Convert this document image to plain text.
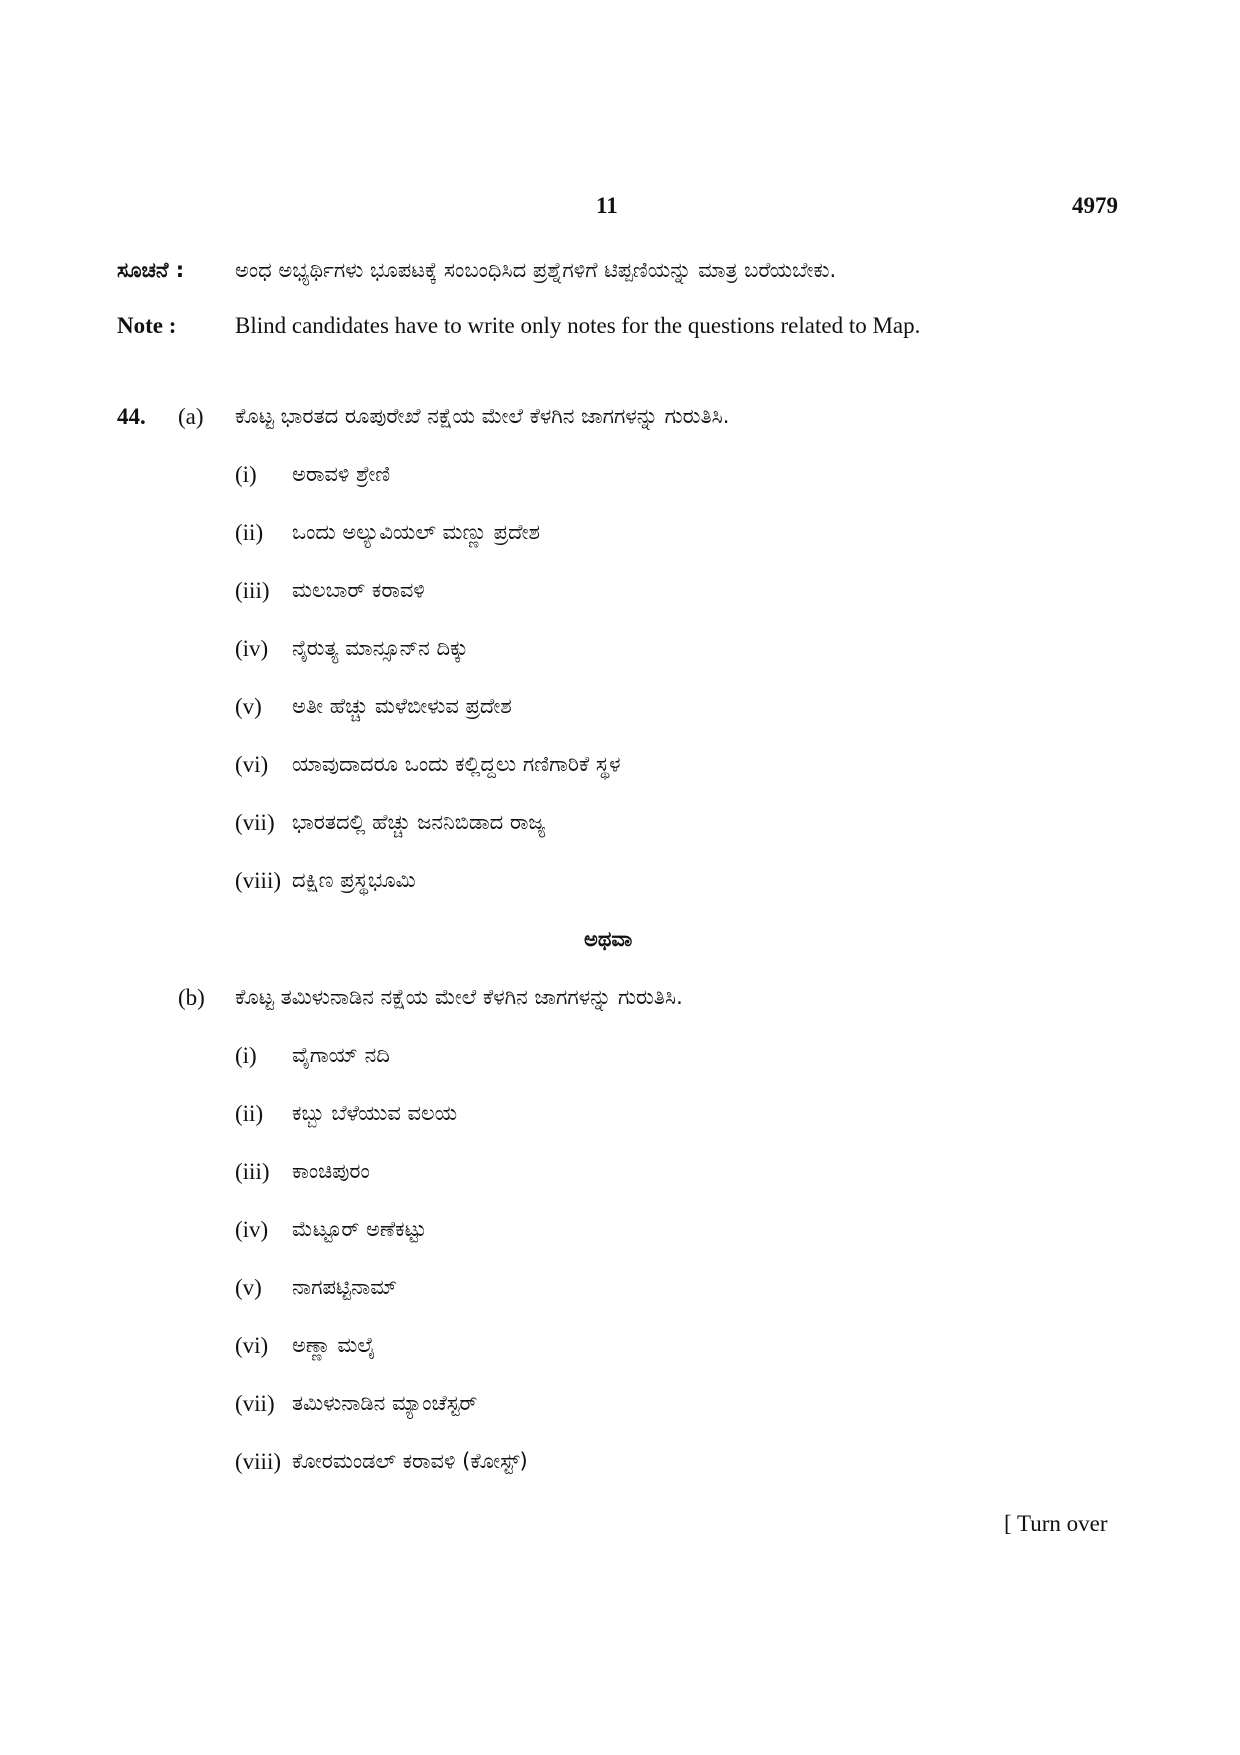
11	4979
ಸೂಚನೆ : ಅಂಧ ಅಭ್ಯರ್ಥಿಗಳು ಭೂಪಟಕ್ಕೆ ಸಂಬಂಧಿಸಿದ ಪ್ರಶ್ನೆಗಳಿಗೆ ಟಿಪ್ಪಣಿಯನ್ನು ಮಾತ್ರ ಬರೆಯಬೇಕು.
Note :	Blind candidates have to write only notes for the questions related to Map.
44. (a) ಕೊಟ್ಟ ಭಾರತದ ರೂಪುರೇಖೆ ನಕ್ಷೆಯ ಮೇಲೆ ಕೆಳಗಿನ ಜಾಗಗಳನ್ನು ಗುರುತಿಸಿ.
(i) ಅರಾವಳಿ ಶ್ರೇಣಿ
(ii) ಒಂದು ಅಲ್ಯುವಿಯಲ್ ಮಣ್ಣು ಪ್ರದೇಶ
(iii) ಮಲಬಾರ್ ಕರಾವಳಿ
(iv) ನೈರುತ್ಯ ಮಾನ್ಸೂನ್‌ನ ದಿಕ್ಕು
(v) ಅತೀ ಹೆಚ್ಚು ಮಳೆಬೀಳುವ ಪ್ರದೇಶ
(vi) ಯಾವುದಾದರೂ ಒಂದು ಕಲ್ಲಿದ್ದಲು ಗಣಿಗಾರಿಕೆ ಸ್ಥಳ
(vii) ಭಾರತದಲ್ಲಿ ಹೆಚ್ಚು ಜನನಿಬಿಡಾದ ರಾಜ್ಯ
(viii) ದಕ್ಷಿಣ ಪ್ರಸ್ಥಭೂಮಿ
ಅಥವಾ
(b) ಕೊಟ್ಟ ತಮಿಳುನಾಡಿನ ನಕ್ಷೆಯ ಮೇಲೆ ಕೆಳಗಿನ ಜಾಗಗಳನ್ನು ಗುರುತಿಸಿ.
(i) ವೈಗಾಯ್ ನದಿ
(ii) ಕಬ್ಬು ಬೆಳೆಯುವ ವಲಯ
(iii) ಕಾಂಚಿಪುರಂ
(iv) ಮೆಟ್ಟೂರ್ ಅಣೆಕಟ್ಟು
(v) ನಾಗಪಟ್ಟಿನಾಮ್
(vi) ಅಣ್ಣಾ ಮಲೈ
(vii) ತಮಿಳುನಾಡಿನ ಮ್ಯಾಂಚೆಸ್ಟರ್
(viii) ಕೋರಮಂಡಲ್ ಕರಾವಳಿ (ಕೋಸ್ಟ್)
[ Turn over
